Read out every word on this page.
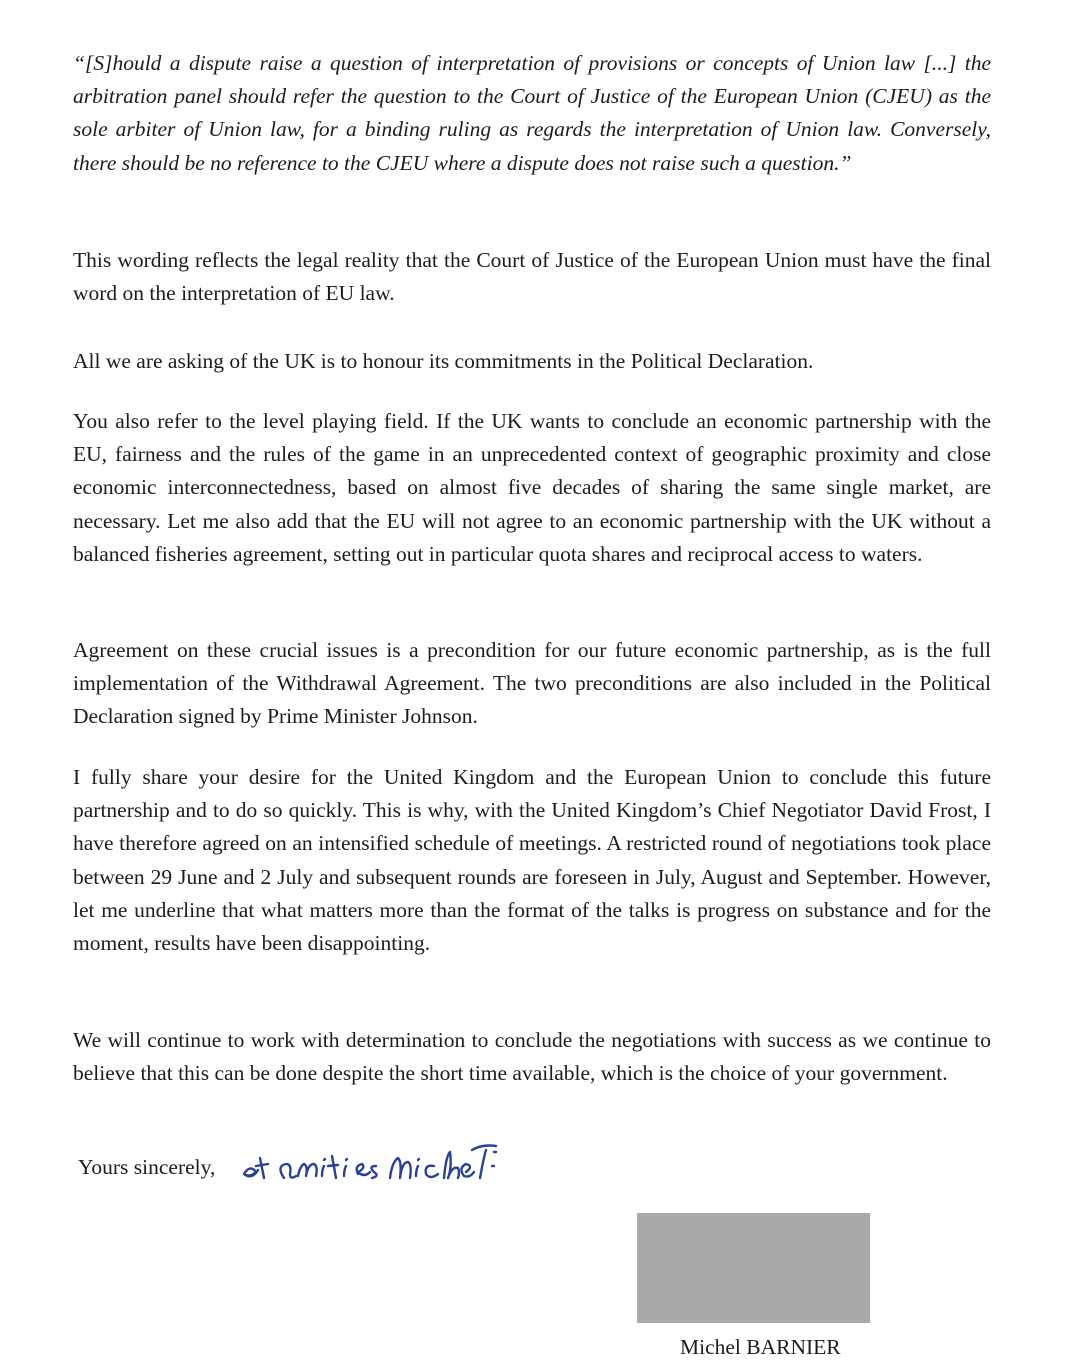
“[S]hould a dispute raise a question of interpretation of provisions or concepts of Union law [...] the arbitration panel should refer the question to the Court of Justice of the European Union (CJEU) as the sole arbiter of Union law, for a binding ruling as regards the interpretation of Union law. Conversely, there should be no reference to the CJEU where a dispute does not raise such a question.”

This wording reflects the legal reality that the Court of Justice of the European Union must have the final word on the interpretation of EU law.

All we are asking of the UK is to honour its commitments in the Political Declaration.

You also refer to the level playing field. If the UK wants to conclude an economic partnership with the EU, fairness and the rules of the game in an unprecedented context of geographic proximity and close economic interconnectedness, based on almost five decades of sharing the same single market, are necessary. Let me also add that the EU will not agree to an economic partnership with the UK without a balanced fisheries agreement, setting out in particular quota shares and reciprocal access to waters.

Agreement on these crucial issues is a precondition for our future economic partnership, as is the full implementation of the Withdrawal Agreement. The two preconditions are also included in the Political Declaration signed by Prime Minister Johnson.

I fully share your desire for the United Kingdom and the European Union to conclude this future partnership and to do so quickly. This is why, with the United Kingdom’s Chief Negotiator David Frost, I have therefore agreed on an intensified schedule of meetings. A restricted round of negotiations took place between 29 June and 2 July and subsequent rounds are foreseen in July, August and September. However, let me underline that what matters more than the format of the talks is progress on substance and for the moment, results have been disappointing.

We will continue to work with determination to conclude the negotiations with success as we continue to believe that this can be done despite the short time available, which is the choice of your government.

Yours sincerely,
Michel BARNIER
